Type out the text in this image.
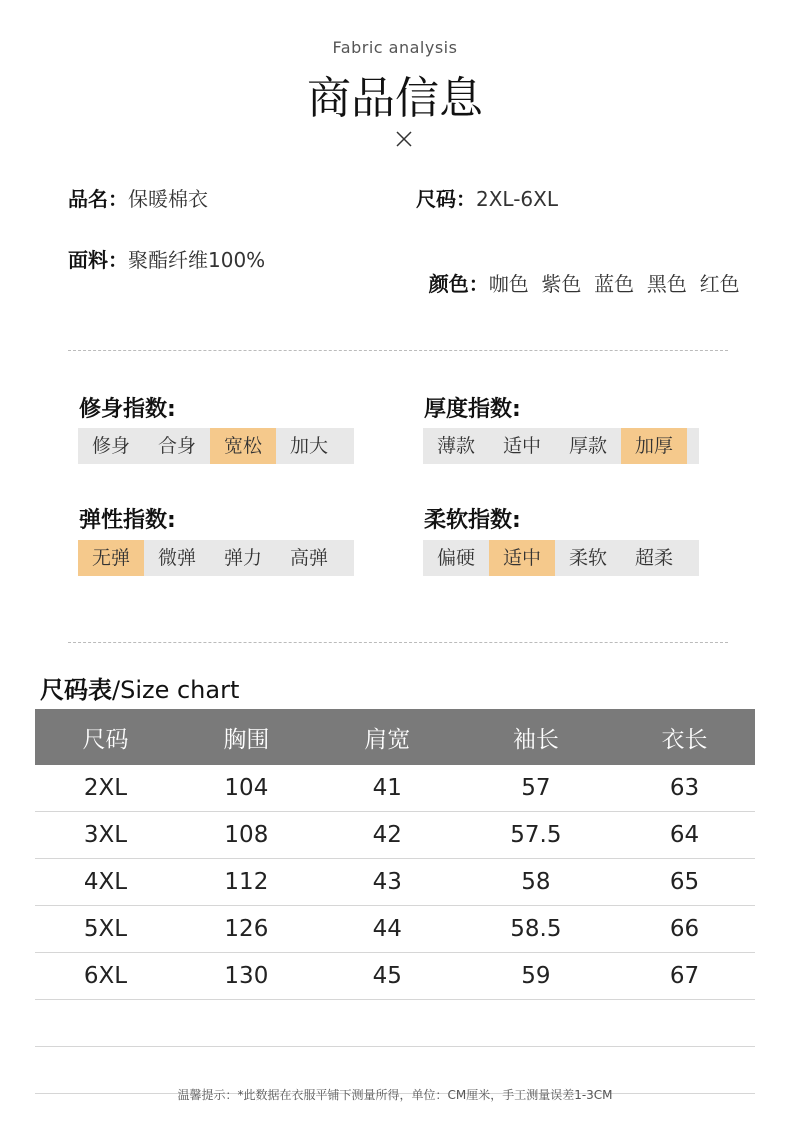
Fabric analysis
商品信息
品名：保暖棉衣	尺码：2XL-6XL
面料：聚酯纤维100%

颜色：咖色  紫色  蓝色  黑色  红色

修身指数:
修身	合身	宽松	加大
厚度指数:
薄款	适中	厚款	加厚
弹性指数:
无弹	微弹	弹力	高弹
柔软指数:
偏硬	适中	柔软	超柔
尺码表/Size chart
尺码	胸围	肩宽	袖长	衣长
2XL	104	41	57	63
3XL	108	42	57.5	64
4XL	112	43	58	65
5XL	126	44	58.5	66
6XL	130	45	59	67

温馨提示：*此数据在衣服平铺下测量所得，单位：CM厘米，手工测量误差1-3CM
